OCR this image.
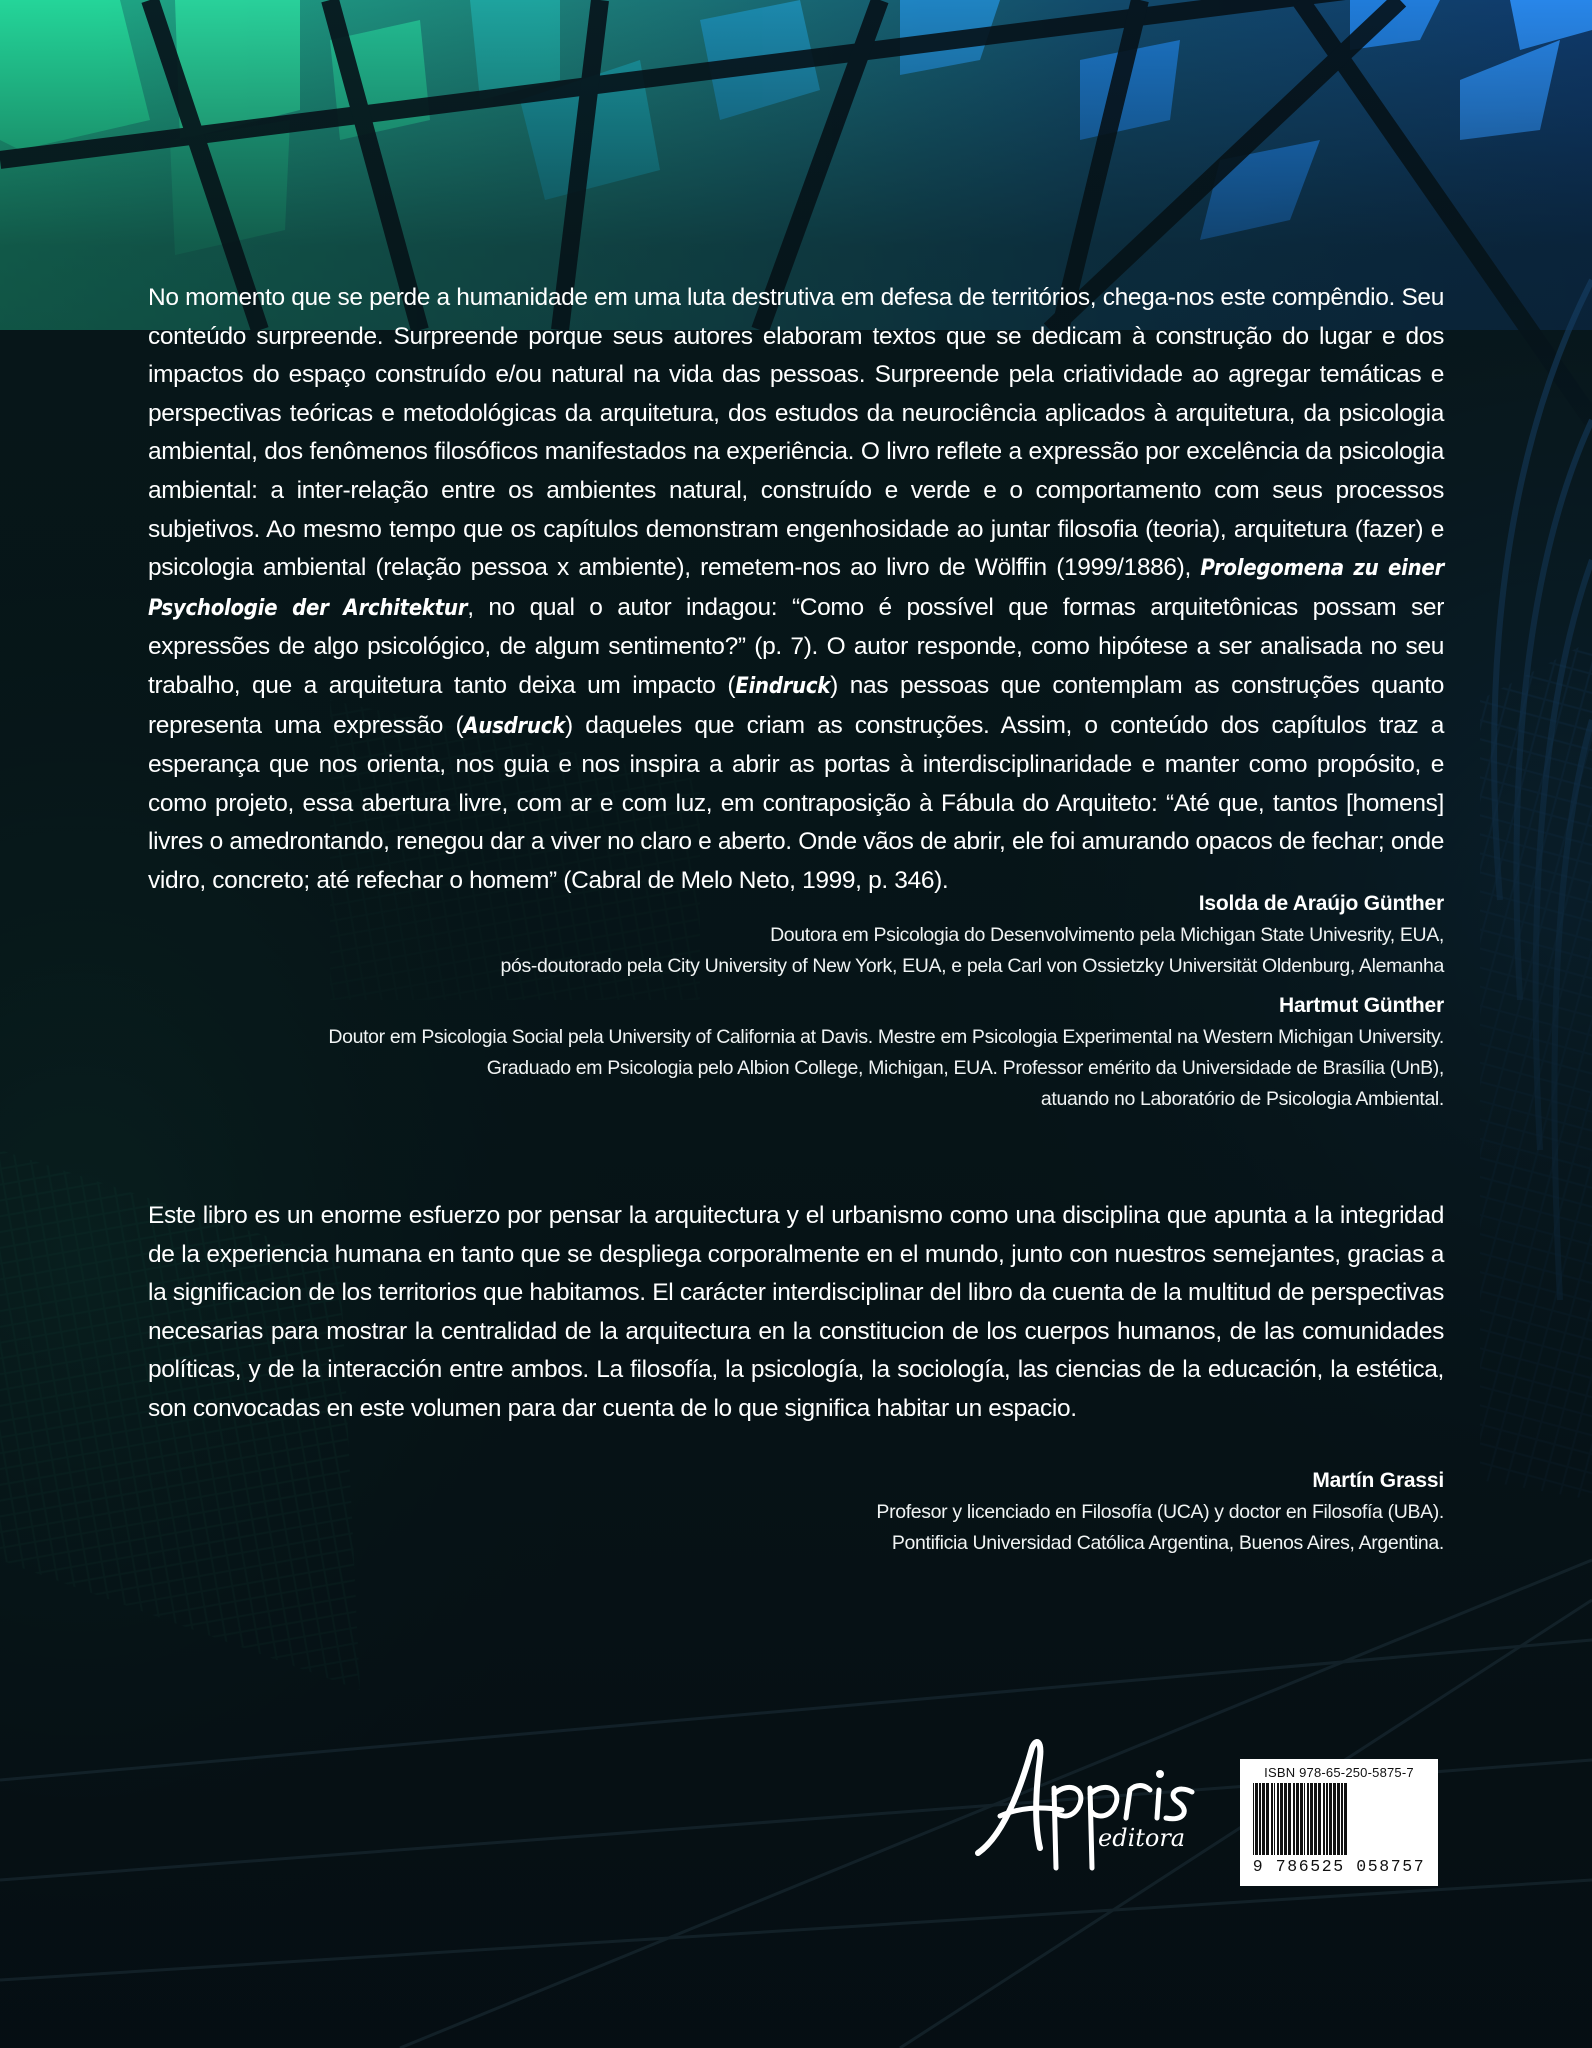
No momento que se perde a humanidade em uma luta destrutiva em defesa de territórios, chega-nos este compêndio. Seu conteúdo surpreende. Surpreende porque seus autores elaboram textos que se dedicam à construção do lugar e dos impactos do espaço construído e/ou natural na vida das pessoas. Surpreende pela criatividade ao agregar temáticas e perspectivas teóricas e metodológicas da arquitetura, dos estudos da neurociência aplicados à arquitetura, da psicologia ambiental, dos fenômenos filosóficos manifestados na experiência. O livro reflete a expressão por excelência da psicologia ambiental: a inter-relação entre os ambientes natural, construído e verde e o comportamento com seus processos subjetivos. Ao mesmo tempo que os capítulos demonstram engenhosidade ao juntar filosofia (teoria), arquitetura (fazer) e psicologia ambiental (relação pessoa x ambiente), remetem-nos ao livro de Wölffin (1999/1886), Prolegomena zu einer Psychologie der Architektur, no qual o autor indagou: “Como é possível que formas arquitetônicas possam ser expressões de algo psicológico, de algum sentimento?” (p. 7). O autor responde, como hipótese a ser analisada no seu trabalho, que a arquitetura tanto deixa um impacto (Eindruck) nas pessoas que contemplam as construções quanto representa uma expressão (Ausdruck) daqueles que criam as construções. Assim, o conteúdo dos capítulos traz a esperança que nos orienta, nos guia e nos inspira a abrir as portas à interdisciplinaridade e manter como propósito, e como projeto, essa abertura livre, com ar e com luz, em contraposição à Fábula do Arquiteto: “Até que, tantos [homens] livres o amedrontando, renegou dar a viver no claro e aberto. Onde vãos de abrir, ele foi amurando opacos de fechar; onde vidro, concreto; até refechar o homem” (Cabral de Melo Neto, 1999, p. 346).
Isolda de Araújo Günther
Doutora em Psicologia do Desenvolvimento pela Michigan State Univesrity, EUA,
pós-doutorado pela City University of New York, EUA, e pela Carl von Ossietzky Universität Oldenburg, Alemanha
Hartmut Günther
Doutor em Psicologia Social pela University of California at Davis. Mestre em Psicologia Experimental na Western Michigan University.
Graduado em Psicologia pelo Albion College, Michigan, EUA. Professor emérito da Universidade de Brasília (UnB),
atuando no Laboratório de Psicologia Ambiental.
Este libro es un enorme esfuerzo por pensar la arquitectura y el urbanismo como una disciplina que apunta a la integridad de la experiencia humana en tanto que se despliega corporalmente en el mundo, junto con nuestros semejantes, gracias a la significacion de los territorios que habitamos. El carácter interdisciplinar del libro da cuenta de la multitud de perspectivas necesarias para mostrar la centralidad de la arquitectura en la constitucion de los cuerpos humanos, de las comunidades políticas, y de la interacción entre ambos. La filosofía, la psicología, la sociología, las ciencias de la educación, la estética, son convocadas en este volumen para dar cuenta de lo que significa habitar un espacio.
Martín Grassi
Profesor y licenciado en Filosofía (UCA) y doctor en Filosofía (UBA).
Pontificia Universidad Católica Argentina, Buenos Aires, Argentina.
editora
ISBN 978-65-250-5875-7
9 786525 058757
